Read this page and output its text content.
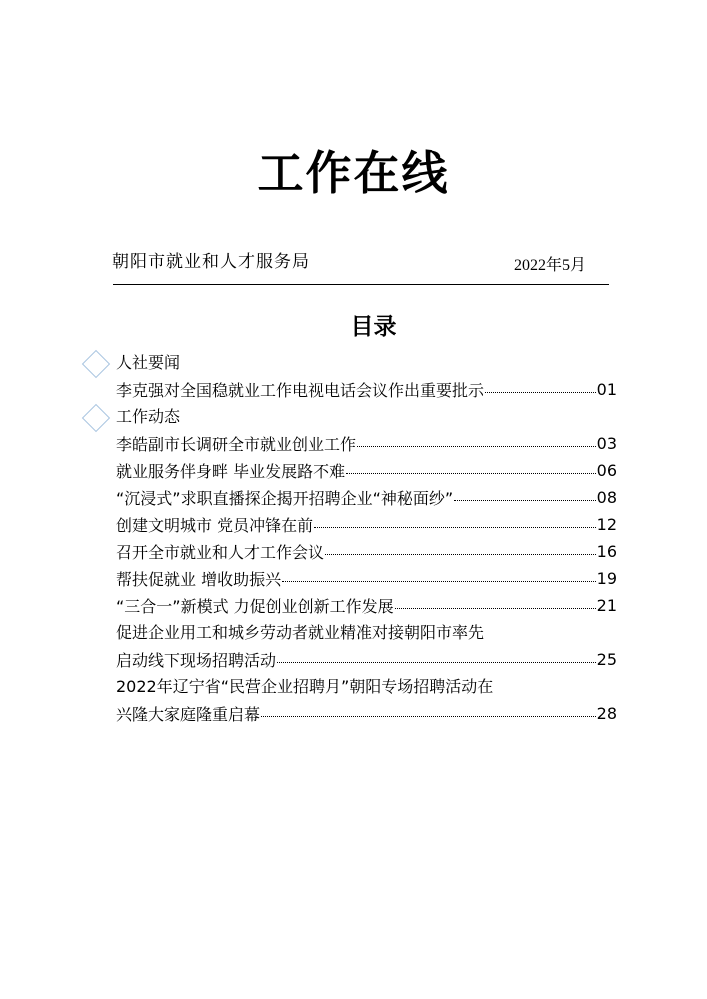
工作在线
朝阳市就业和人才服务局	2022年5月
目录
人社要闻
李克强对全国稳就业工作电视电话会议作出重要批示	01
工作动态
李皓副市长调研全市就业创业工作	03
就业服务伴身畔 毕业发展路不难	06
“沉浸式”求职直播探企揭开招聘企业“神秘面纱”	08
创建文明城市 党员冲锋在前	12
召开全市就业和人才工作会议	16
帮扶促就业 增收助振兴	19
“三合一”新模式 力促创业创新工作发展	21
促进企业用工和城乡劳动者就业精准对接朝阳市率先
启动线下现场招聘活动	25
2022年辽宁省“民营企业招聘月”朝阳专场招聘活动在
兴隆大家庭隆重启幕	28
